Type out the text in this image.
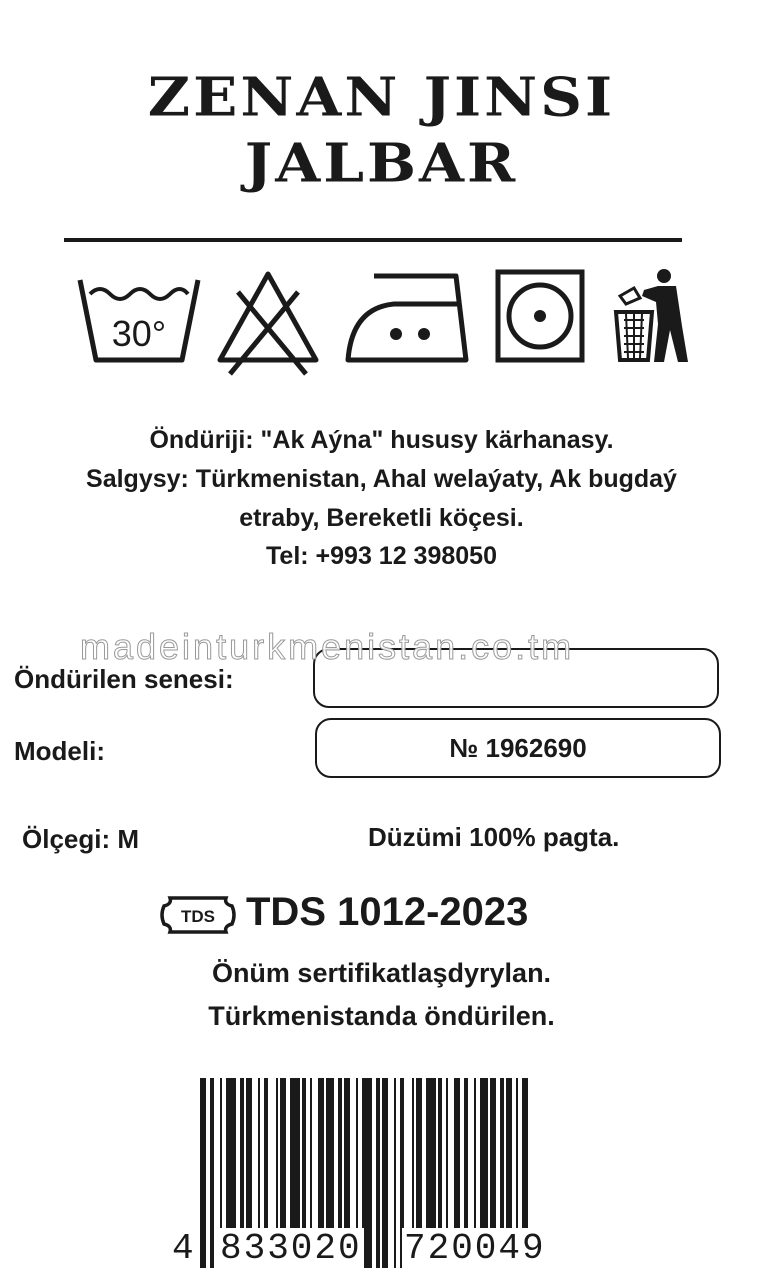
ZENAN JINSI
JALBAR
30°
Öndüriji: "Ak Aýna" hususy kärhanasy.
Salgysy: Türkmenistan, Ahal welaýaty, Ak bugdaý
etraby, Bereketli köçesi.
Tel: +993 12 398050
Öndürilen senesi:
Modeli:	№ 1962690
madeinturkmenistan.co.tm
Ölçegi: M	Düzümi 100% pagta.
TDS TDS 1012-2023
Önüm sertifikatlaşdyrylan.
Türkmenistanda öndürilen.
4 833020 720049
